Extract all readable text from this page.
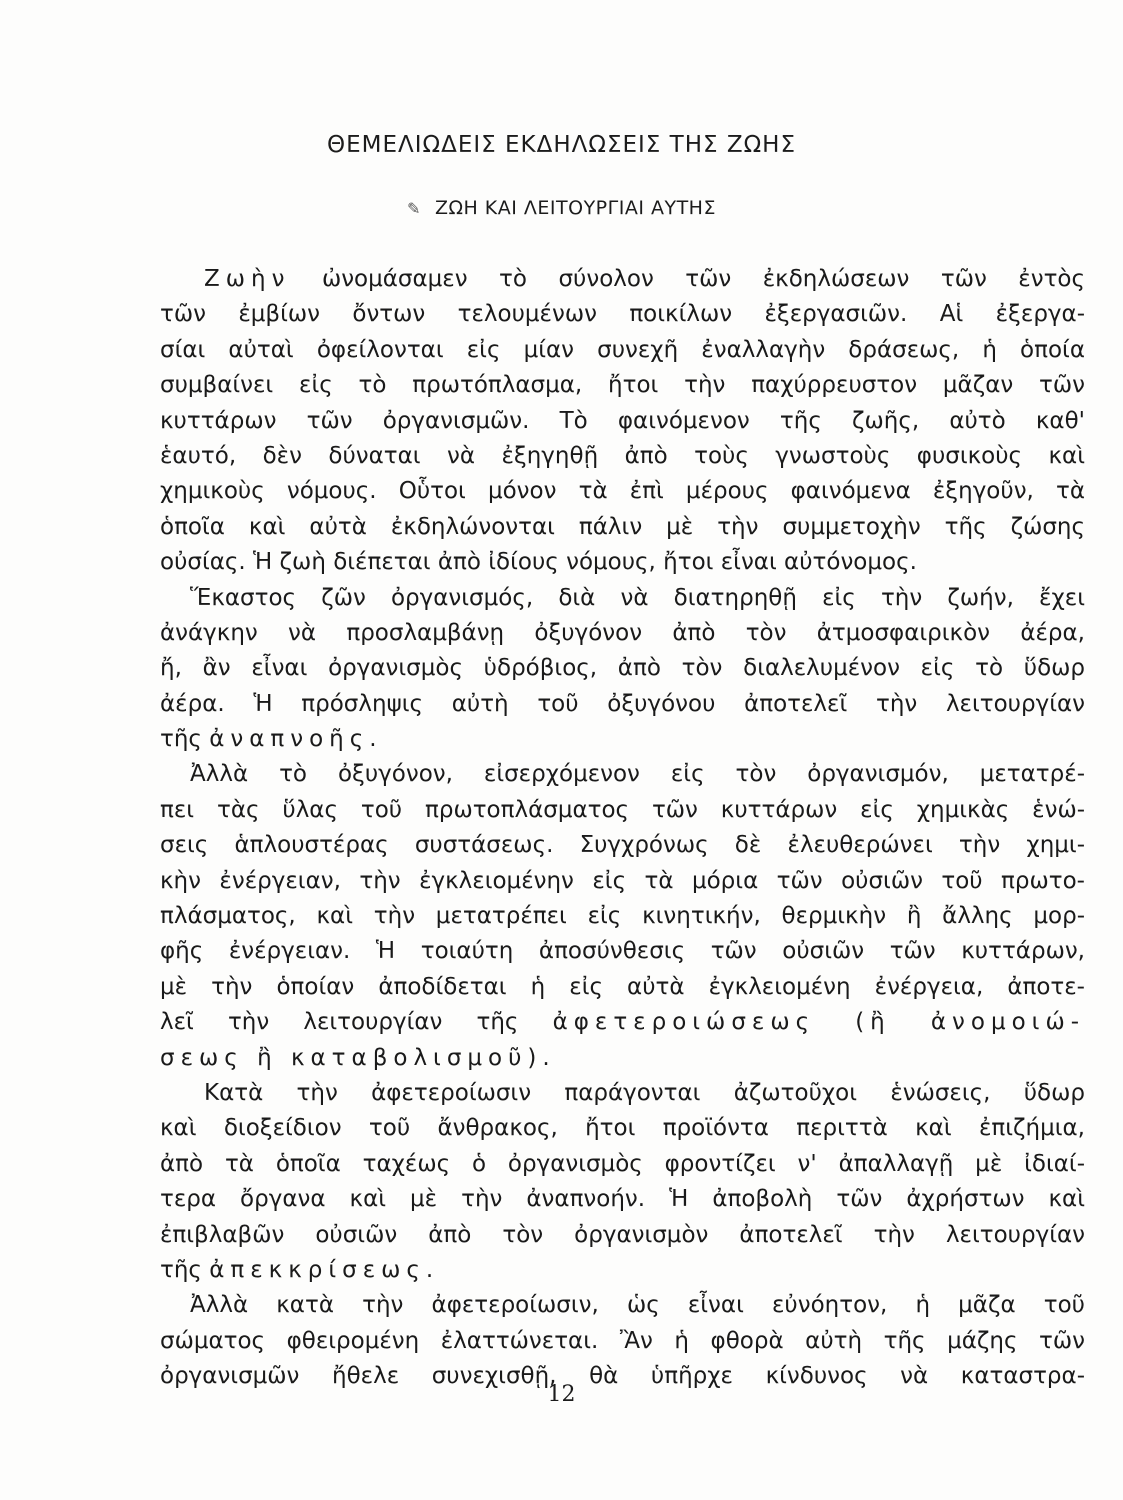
ΘΕΜΕΛΙΩΔΕΙΣ ΕΚΔΗΛΩΣΕΙΣ ΤΗΣ ΖΩΗΣ
✎ ΖΩΗ ΚΑΙ ΛΕΙΤΟΥΡΓΙΑΙ ΑΥΤΗΣ
Ζωὴν ὠνομάσαμεν τὸ σύνολον τῶν ἐκδηλώσεων τῶν ἐντὸς
τῶν ἐμβίων ὄντων τελουμένων ποικίλων ἐξεργασιῶν. Αἱ ἐξεργα-
σίαι αὐταὶ ὀφείλονται εἰς μίαν συνεχῆ ἐναλλαγὴν δράσεως, ἡ ὁποία
συμβαίνει εἰς τὸ πρωτόπλασμα, ἤτοι τὴν παχύρρευστον μᾶζαν τῶν
κυττάρων τῶν ὀργανισμῶν. Τὸ φαινόμενον τῆς ζωῆς, αὐτὸ καθ'
ἑαυτό, δὲν δύναται νὰ ἐξηγηθῇ ἀπὸ τοὺς γνωστοὺς φυσικοὺς καὶ
χημικοὺς νόμους. Οὗτοι μόνον τὰ ἐπὶ μέρους φαινόμενα ἐξηγοῦν, τὰ
ὁποῖα καὶ αὐτὰ ἐκδηλώνονται πάλιν μὲ τὴν συμμετοχὴν τῆς ζώσης
οὐσίας. Ἡ ζωὴ διέπεται ἀπὸ ἰδίους νόμους, ἤτοι εἶναι αὐτόνομος.
Ἕκαστος ζῶν ὀργανισμός, διὰ νὰ διατηρηθῇ εἰς τὴν ζωήν, ἔχει
ἀνάγκην νὰ προσλαμβάνῃ ὀξυγόνον ἀπὸ τὸν ἀτμοσφαιρικὸν ἀέρα,
ἤ, ἂν εἶναι ὀργανισμὸς ὑδρόβιος, ἀπὸ τὸν διαλελυμένον εἰς τὸ ὕδωρ
ἀέρα. Ἡ πρόσληψις αὐτὴ τοῦ ὀξυγόνου ἀποτελεῖ τὴν λειτουργίαν
τῆς ἀναπνοῆς.
Ἀλλὰ τὸ ὀξυγόνον, εἰσερχόμενον εἰς τὸν ὀργανισμόν, μετατρέ-
πει τὰς ὕλας τοῦ πρωτοπλάσματος τῶν κυττάρων εἰς χημικὰς ἑνώ-
σεις ἁπλουστέρας συστάσεως. Συγχρόνως δὲ ἐλευθερώνει τὴν χημι-
κὴν ἐνέργειαν, τὴν ἐγκλειομένην εἰς τὰ μόρια τῶν οὐσιῶν τοῦ πρωτο-
πλάσματος, καὶ τὴν μετατρέπει εἰς κινητικήν, θερμικὴν ἢ ἄλλης μορ-
φῆς ἐνέργειαν. Ἡ τοιαύτη ἀποσύνθεσις τῶν οὐσιῶν τῶν κυττάρων,
μὲ τὴν ὁποίαν ἀποδίδεται ἡ εἰς αὐτὰ ἐγκλειομένη ἐνέργεια, ἀποτε-
λεῖ τὴν λειτουργίαν τῆς ἀφετεροιώσεως (ἢ ἀνομοιώ-
σεως ἢ καταβολισμοῦ).
Κατὰ τὴν ἀφετεροίωσιν παράγονται ἀζωτοῦχοι ἑνώσεις, ὕδωρ
καὶ διοξείδιον τοῦ ἄνθρακος, ἤτοι προϊόντα περιττὰ καὶ ἐπιζήμια,
ἀπὸ τὰ ὁποῖα ταχέως ὁ ὀργανισμὸς φροντίζει ν' ἀπαλλαγῇ μὲ ἰδιαί-
τερα ὄργανα καὶ μὲ τὴν ἀναπνοήν. Ἡ ἀποβολὴ τῶν ἀχρήστων καὶ
ἐπιβλαβῶν οὐσιῶν ἀπὸ τὸν ὀργανισμὸν ἀποτελεῖ τὴν λειτουργίαν
τῆς ἀπεκκρίσεως.
Ἀλλὰ κατὰ τὴν ἀφετεροίωσιν, ὡς εἶναι εὐνόητον, ἡ μᾶζα τοῦ
σώματος φθειρομένη ἐλαττώνεται. Ἂν ἡ φθορὰ αὐτὴ τῆς μάζης τῶν
ὀργανισμῶν ἤθελε συνεχισθῇ, θὰ ὑπῆρχε κίνδυνος νὰ καταστρα-
12
